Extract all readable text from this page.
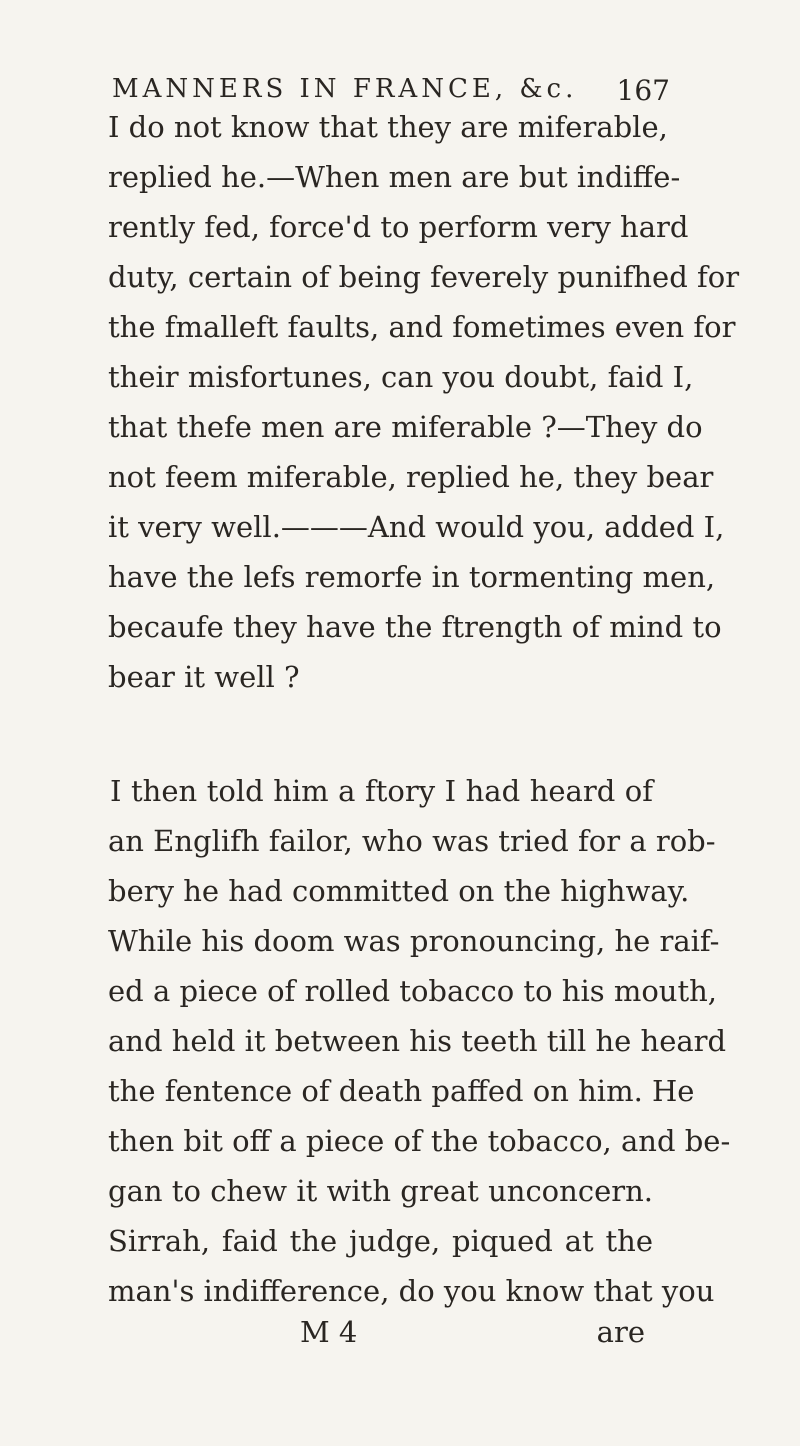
MANNERS IN FRANCE, &c. 167
I do not know that they are miferable,
replied he.—When men are but indiffe-
rently fed, force'd to perform very hard
duty, certain of being feverely punifhed for
the fmalleft faults, and fometimes even for
their misfortunes, can you doubt, faid I,
that thefe men are miferable ?—They do
not feem miferable, replied he, they bear
it very well.———And would you, added I,
have the lefs remorfe in tormenting men,
becaufe they have the ftrength of mind to
bear it well ?
I then told him a ftory I had heard of
an Englifh failor, who was tried for a rob-
bery he had committed on the highway.
While his doom was pronouncing, he raif-
ed a piece of rolled tobacco to his mouth,
and held it between his teeth till he heard
the fentence of death paffed on him. He
then bit off a piece of the tobacco, and be-
gan to chew it with great unconcern.
Sirrah, faid the judge, piqued at the
man's indifference, do you know that you
M 4	are
